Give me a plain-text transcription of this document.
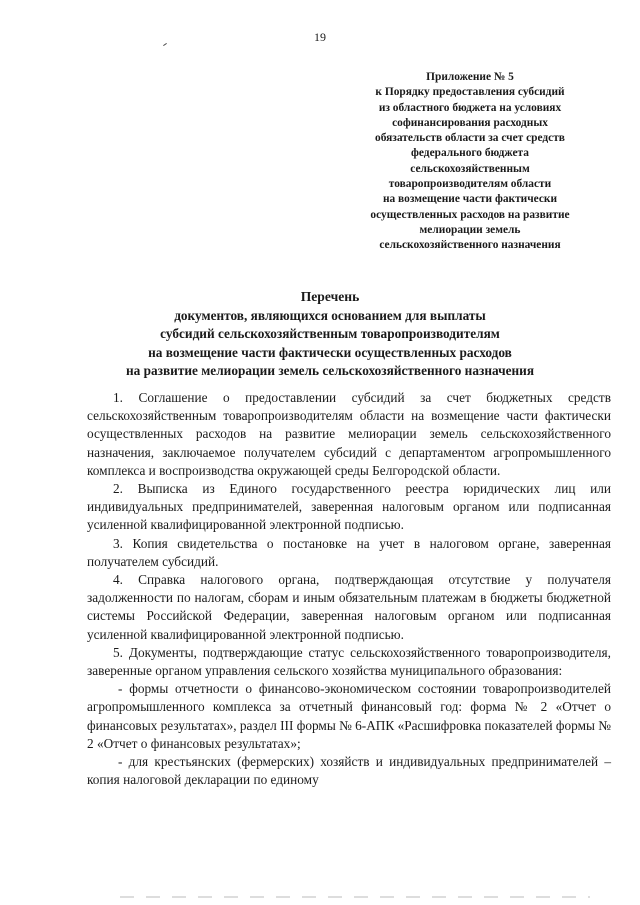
19
Приложение № 5
к Порядку предоставления субсидий
из областного бюджета на условиях
софинансирования расходных
обязательств области за счет средств
федерального бюджета
сельскохозяйственным
товаропроизводителям области
на возмещение части фактически
осуществленных расходов на развитие
мелиорации земель
сельскохозяйственного назначения
Перечень
документов, являющихся основанием для выплаты
субсидий сельскохозяйственным товаропроизводителям
на возмещение части фактически осуществленных расходов
на развитие мелиорации земель сельскохозяйственного назначения

1. Соглашение о предоставлении субсидий за счет бюджетных средств сельскохозяйственным товаропроизводителям области на возмещение части фактически осуществленных расходов на развитие мелиорации земель сельскохозяйственного назначения, заключаемое получателем субсидий с департаментом агропромышленного комплекса и воспроизводства окружающей среды Белгородской области.

2. Выписка из Единого государственного реестра юридических лиц или индивидуальных предпринимателей, заверенная налоговым органом или подписанная усиленной квалифицированной электронной подписью.

3. Копия свидетельства о постановке на учет в налоговом органе, заверенная получателем субсидий.

4. Справка налогового органа, подтверждающая отсутствие у получателя задолженности по налогам, сборам и иным обязательным платежам в бюджеты бюджетной системы Российской Федерации, заверенная налоговым органом или подписанная усиленной квалифицированной электронной подписью.

5. Документы, подтверждающие статус сельскохозяйственного товаропроизводителя, заверенные органом управления сельского хозяйства муниципального образования:

- формы отчетности о финансово-экономическом состоянии товаропроизводителей агропромышленного комплекса за отчетный финансовый год: форма № 2 «Отчет о финансовых результатах», раздел III формы № 6-АПК «Расшифровка показателей формы № 2 «Отчет о финансовых результатах»;

- для крестьянских (фермерских) хозяйств и индивидуальных предпринимателей – копия налоговой декларации по единому
